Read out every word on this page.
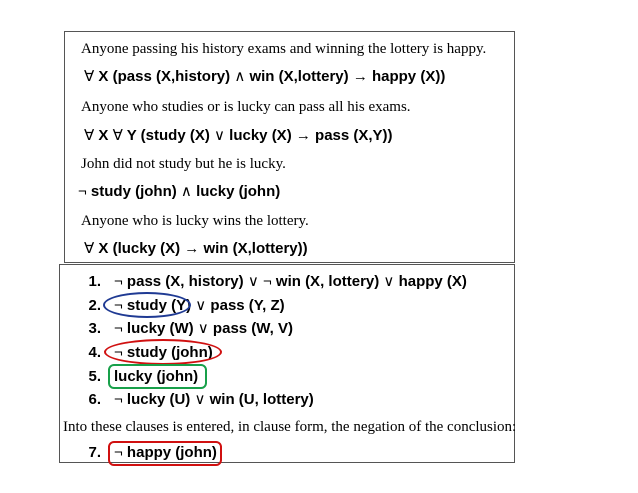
Anyone passing his history exams and winning the lottery is happy.
∀ X (pass (X,history) ∧ win (X,lottery) → happy (X))
Anyone who studies or is lucky can pass all his exams.
∀ X ∀ Y (study (X) ∨ lucky (X) → pass (X,Y))
John did not study but he is lucky.
¬ study (john) ∧ lucky (john)
Anyone who is lucky wins the lottery.
∀ X (lucky (X) → win (X,lottery))
1. ¬ pass (X, history) ∨ ¬ win (X, lottery) ∨ happy (X)
2. ¬ study (Y) ∨ pass (Y, Z)
3. ¬ lucky (W) ∨ pass (W, V)
4. ¬ study (john)
5. lucky (john)
6. ¬ lucky (U) ∨ win (U, lottery)
Into these clauses is entered, in clause form, the negation of the conclusion:
7. ¬ happy (john)
